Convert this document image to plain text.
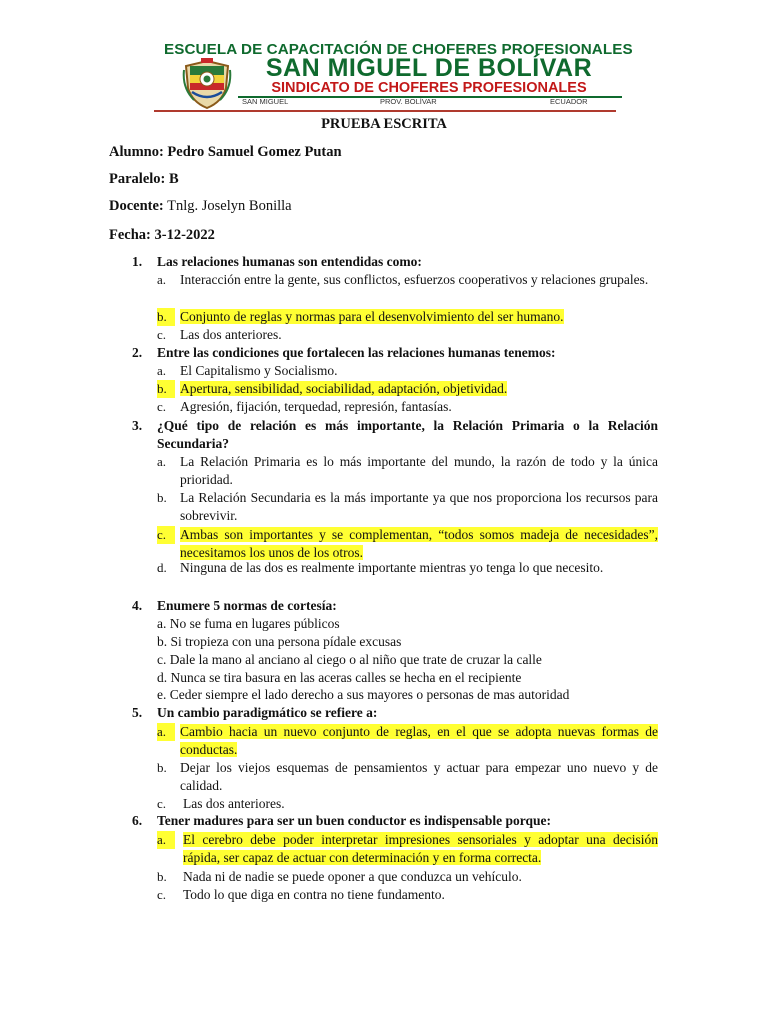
ESCUELA DE CAPACITACIÓN DE CHOFERES PROFESIONALES
SAN MIGUEL DE BOLÍVAR
SINDICATO DE CHOFERES PROFESIONALES
SAN MIGUEL	PROV. BOLÍVAR	ECUADOR
PRUEBA ESCRITA
Alumno: Pedro Samuel Gomez Putan
Paralelo: B
Docente: Tnlg. Joselyn Bonilla
Fecha: 3-12-2022
1.	Las relaciones humanas son entendidas como:
a.	Interacción entre la gente, sus conflictos, esfuerzos cooperativos y relaciones grupales.
b. Conjunto de reglas y normas para el desenvolvimiento del ser humano.
c.	Las dos anteriores.
2.	Entre las condiciones que fortalecen las relaciones humanas tenemos:
a.	El Capitalismo y Socialismo.
b. Apertura, sensibilidad, sociabilidad, adaptación, objetividad.
c.	Agresión, fijación, terquedad, represión, fantasías.
3.	¿Qué tipo de relación es más importante, la Relación Primaria o la Relación Secundaria?
a.	La Relación Primaria es lo más importante del mundo, la razón de todo y la única prioridad.
b. La Relación Secundaria es la más importante ya que nos proporciona los recursos para sobrevivir.
c.	Ambas son importantes y se complementan, “todos somos madeja de necesidades”, necesitamos los unos de los otros.
d. Ninguna de las dos es realmente importante mientras yo tenga lo que necesito.
4.	Enumere 5 normas de cortesía:
a. No se fuma en lugares públicos
b. Si tropieza con una persona pídale excusas
c. Dale la mano al anciano al ciego o al niño que trate de cruzar la calle
d. Nunca se tira basura en las aceras calles se hecha en el recipiente
e. Ceder siempre el lado derecho a sus mayores o personas de mas autoridad
5.	Un cambio paradigmático se refiere a:
a.	Cambio hacia un nuevo conjunto de reglas, en el que se adopta nuevas formas de conductas.
b. Dejar los viejos esquemas de pensamientos y actuar para empezar uno nuevo y de calidad.
c.	Las dos anteriores.
6.	Tener madures para ser un buen conductor es indispensable porque:
a.	El cerebro debe poder interpretar impresiones sensoriales y adoptar una decisión rápida, ser capaz de actuar con determinación y en forma correcta.
b.	Nada ni de nadie se puede oponer a que conduzca un vehículo.
c.	Todo lo que diga en contra no tiene fundamento.
